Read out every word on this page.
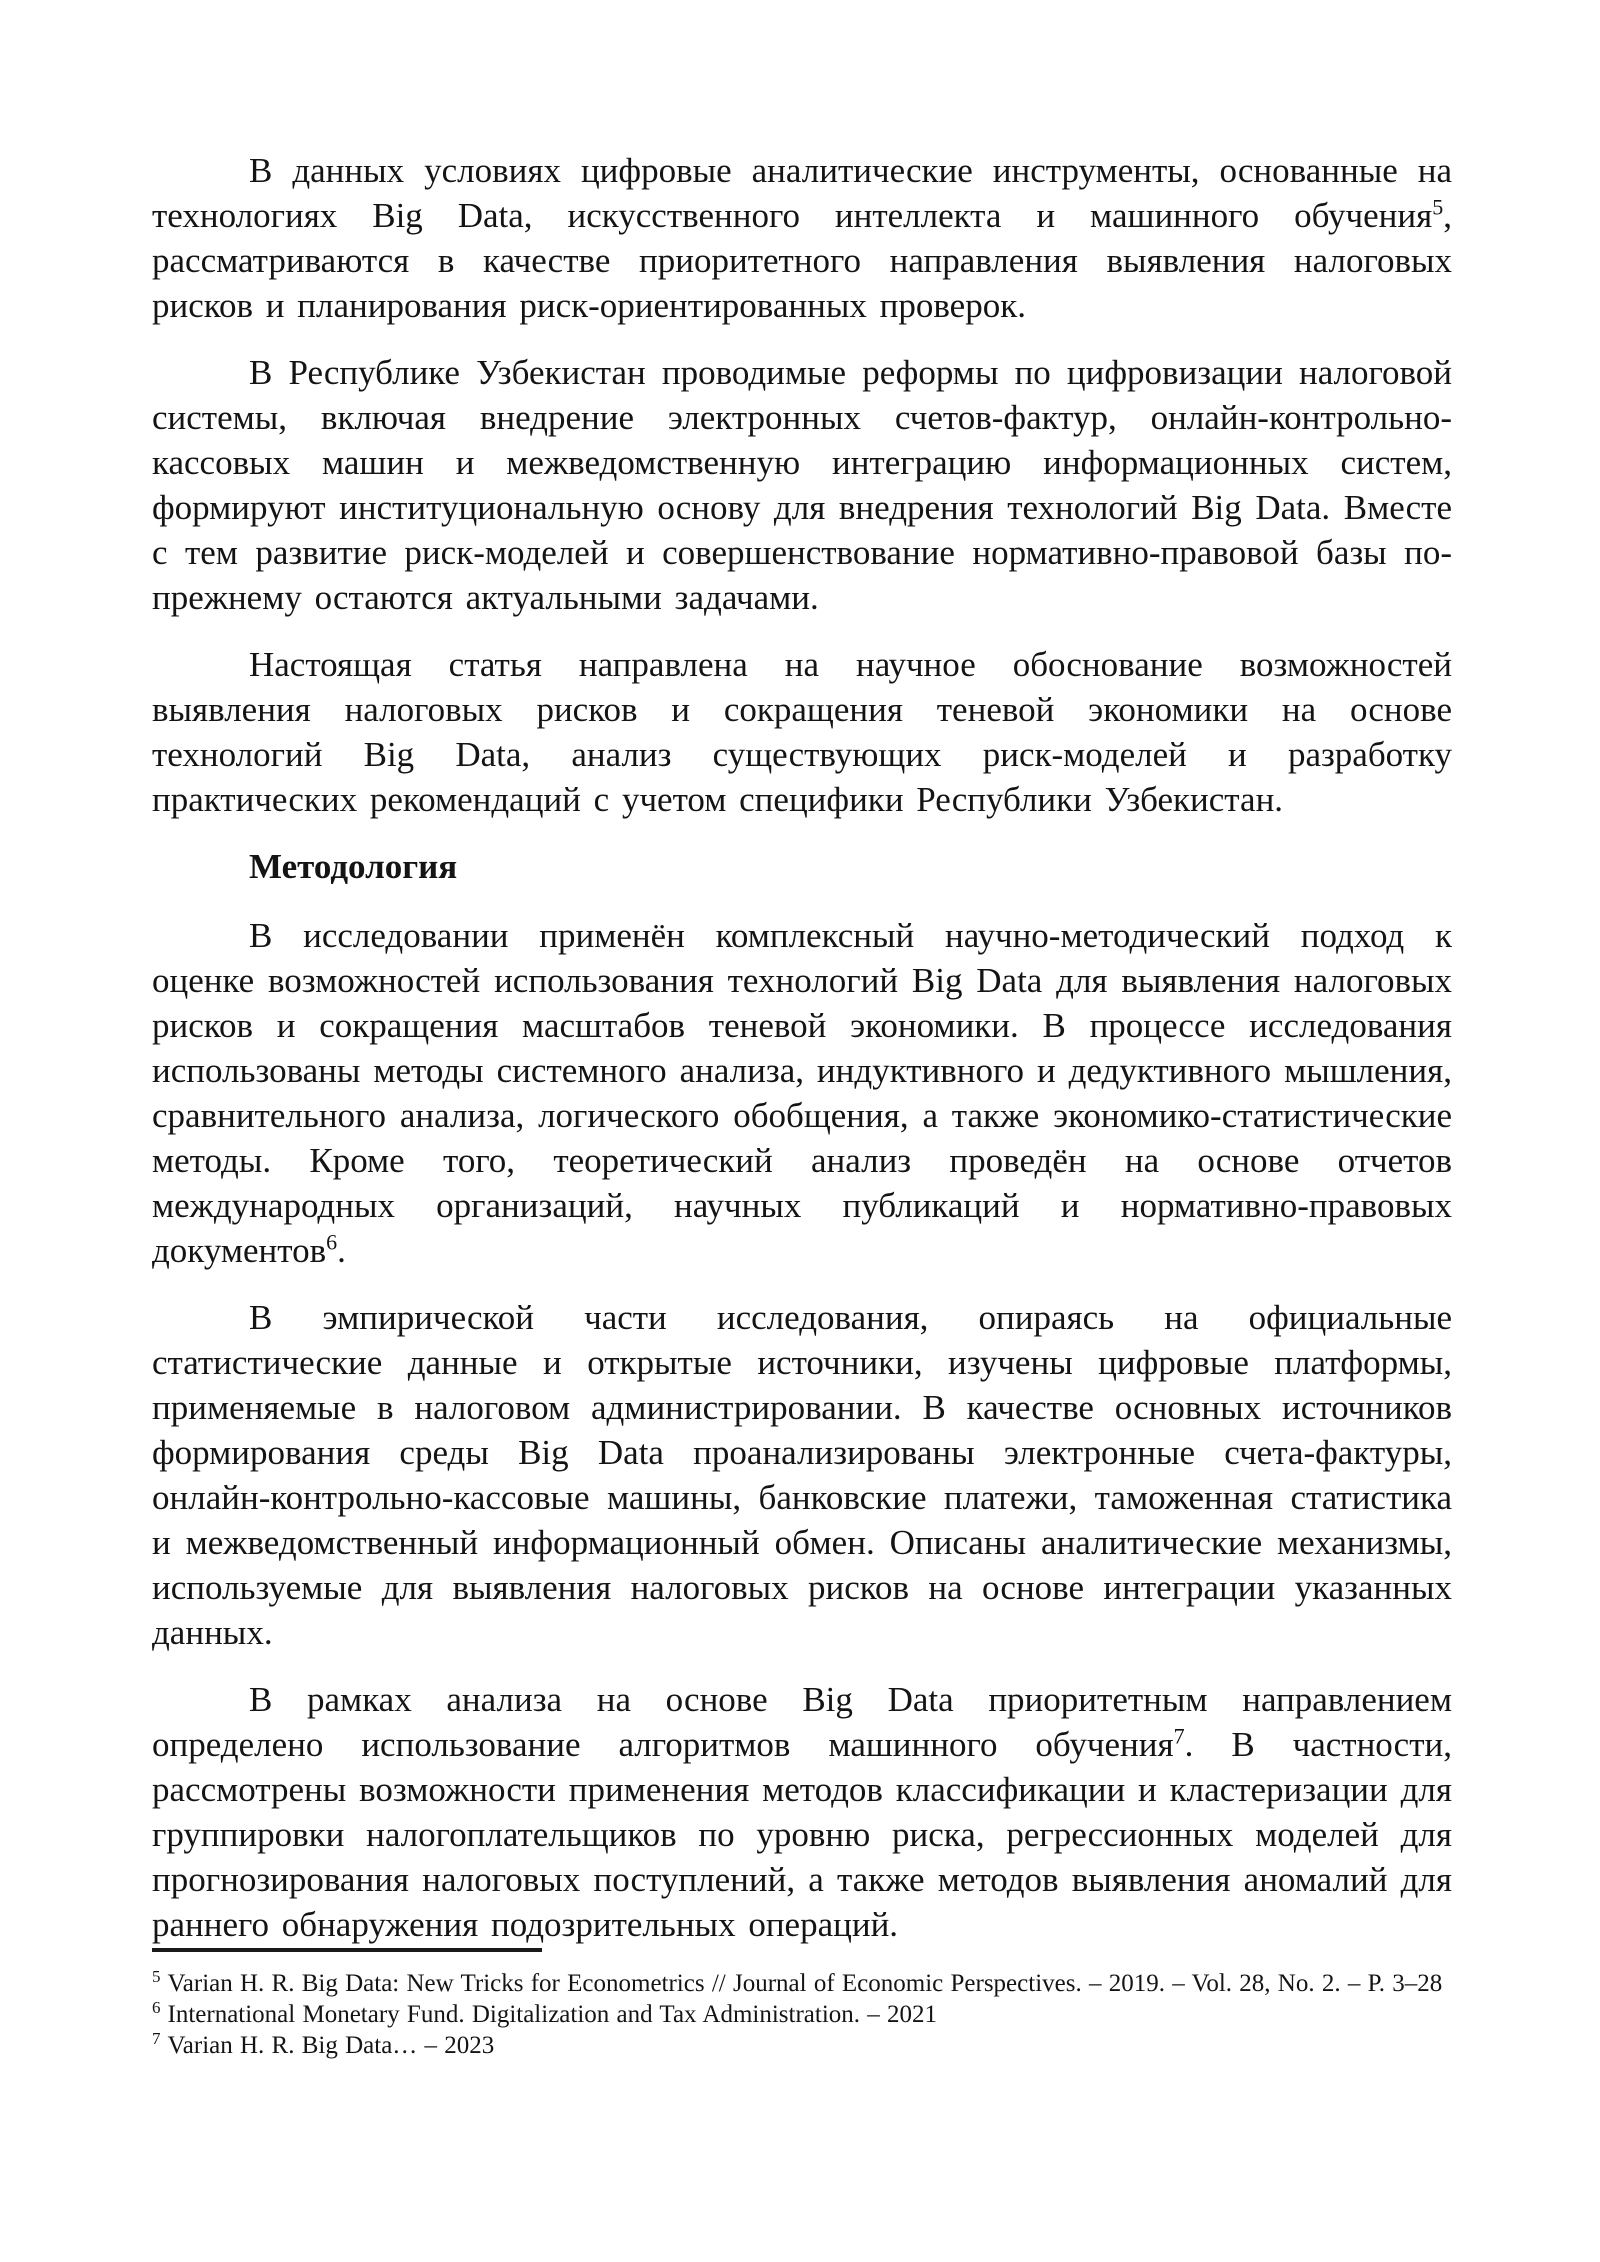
В данных условиях цифровые аналитические инструменты, основанные на технологиях Big Data, искусственного интеллекта и машинного обучения$^5$, рассматриваются в качестве приоритетного направления выявления налоговых рисков и планирования риск-ориентированных проверок.

В Республике Узбекистан проводимые реформы по цифровизации налоговой системы, включая внедрение электронных счетов-фактур, онлайн-контрольно-кассовых машин и межведомственную интеграцию информационных систем, формируют институциональную основу для внедрения технологий Big Data. Вместе с тем развитие риск-моделей и совершенствование нормативно-правовой базы по-прежнему остаются актуальными задачами.

Настоящая статья направлена на научное обоснование возможностей выявления налоговых рисков и сокращения теневой экономики на основе технологий Big Data, анализ существующих риск-моделей и разработку практических рекомендаций с учетом специфики Республики Узбекистан.

Методология

В исследовании применён комплексный научно-методический подход к оценке возможностей использования технологий Big Data для выявления налоговых рисков и сокращения масштабов теневой экономики. В процессе исследования использованы методы системного анализа, индуктивного и дедуктивного мышления, сравнительного анализа, логического обобщения, а также экономико-статистические методы. Кроме того, теоретический анализ проведён на основе отчетов международных организаций, научных публикаций и нормативно-правовых документов$^6$.

В эмпирической части исследования, опираясь на официальные статистические данные и открытые источники, изучены цифровые платформы, применяемые в налоговом администрировании. В качестве основных источников формирования среды Big Data проанализированы электронные счета-фактуры, онлайн-контрольно-кассовые машины, банковские платежи, таможенная статистика и межведомственный информационный обмен. Описаны аналитические механизмы, используемые для выявления налоговых рисков на основе интеграции указанных данных.

В рамках анализа на основе Big Data приоритетным направлением определено использование алгоритмов машинного обучения$^7$. В частности, рассмотрены возможности применения методов классификации и кластеризации для группировки налогоплательщиков по уровню риска, регрессионных моделей для прогнозирования налоговых поступлений, а также методов выявления аномалий для раннего обнаружения подозрительных операций.

$^5$ Varian H. R. Big Data: New Tricks for Econometrics // Journal of Economic Perspectives. – 2019. – Vol. 28, No. 2. – P. 3–28
$^6$ International Monetary Fund. Digitalization and Tax Administration. – 2021
$^7$ Varian H. R. Big Data… – 2023
